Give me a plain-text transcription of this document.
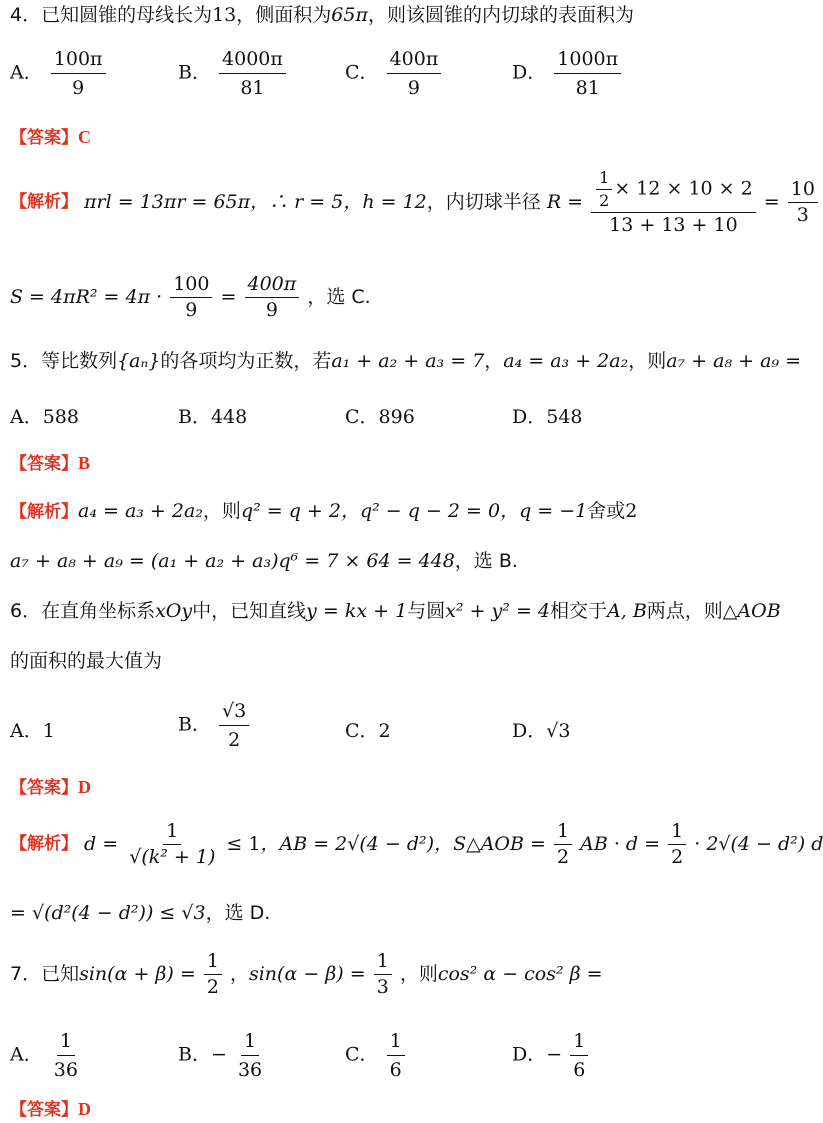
4．已知圆锥的母线长为13，侧面积为65π，则该圆锥的内切球的表面积为
A． $\frac{100\pi}{9}$	B． $\frac{4000\pi}{81}$	C． $\frac{400\pi}{9}$	D． $\frac{1000\pi}{81}$
【答案】C
【解析】 πrl = 13πr = 65π，∴ r = 5，h = 12，内切球半径 $R = \frac{\frac{1}{2} \times 12 \times 10 \times 2}{13 + 13 + 10} = \frac{10}{3}$
$S = 4\pi R^2 = 4\pi \cdot \frac{100}{9} = \frac{400\pi}{9}$ ，选 C.
5．等比数列{aₙ}的各项均为正数，若a₁ + a₂ + a₃ = 7，a₄ = a₃ + 2a₂，则a₇ + a₈ + a₉ =
A．588	B．448	C．896	D．548
【答案】B
【解析】a₄ = a₃ + 2a₂，则q² = q + 2，q² − q − 2 = 0，q = −1舍或2
a₇ + a₈ + a₉ = (a₁ + a₂ + a₃)q⁶ = 7 × 64 = 448，选 B.
6．在直角坐标系xOy中，已知直线y = kx + 1与圆x² + y² = 4相交于A, B两点，则△AOB
的面积的最大值为
A．1	B． $\frac{√3}{2}$	C．2	D．√3
【答案】D
【解析】 $d = \frac{1}{\text{√(k² + 1)}} \le 1$，AB = 2√(4 − d²)，S△AOB = $\frac{1}{2}$ AB · $d = \frac{1}{2} \cdot 2√(4 - d^2)$ d
= √(d²(4 − d²)) ≤ √3，选 D.
7．已知$\sin(\alpha + \beta) = \frac{1}{2}$ ，$\sin(\alpha - \beta) = \frac{1}{3}$ ，则cos² α − cos² β =
A． $\frac{1}{36}$	B．− $\frac{1}{36}$	C． $\frac{1}{6}$	D．− $\frac{1}{6}$
【答案】D
